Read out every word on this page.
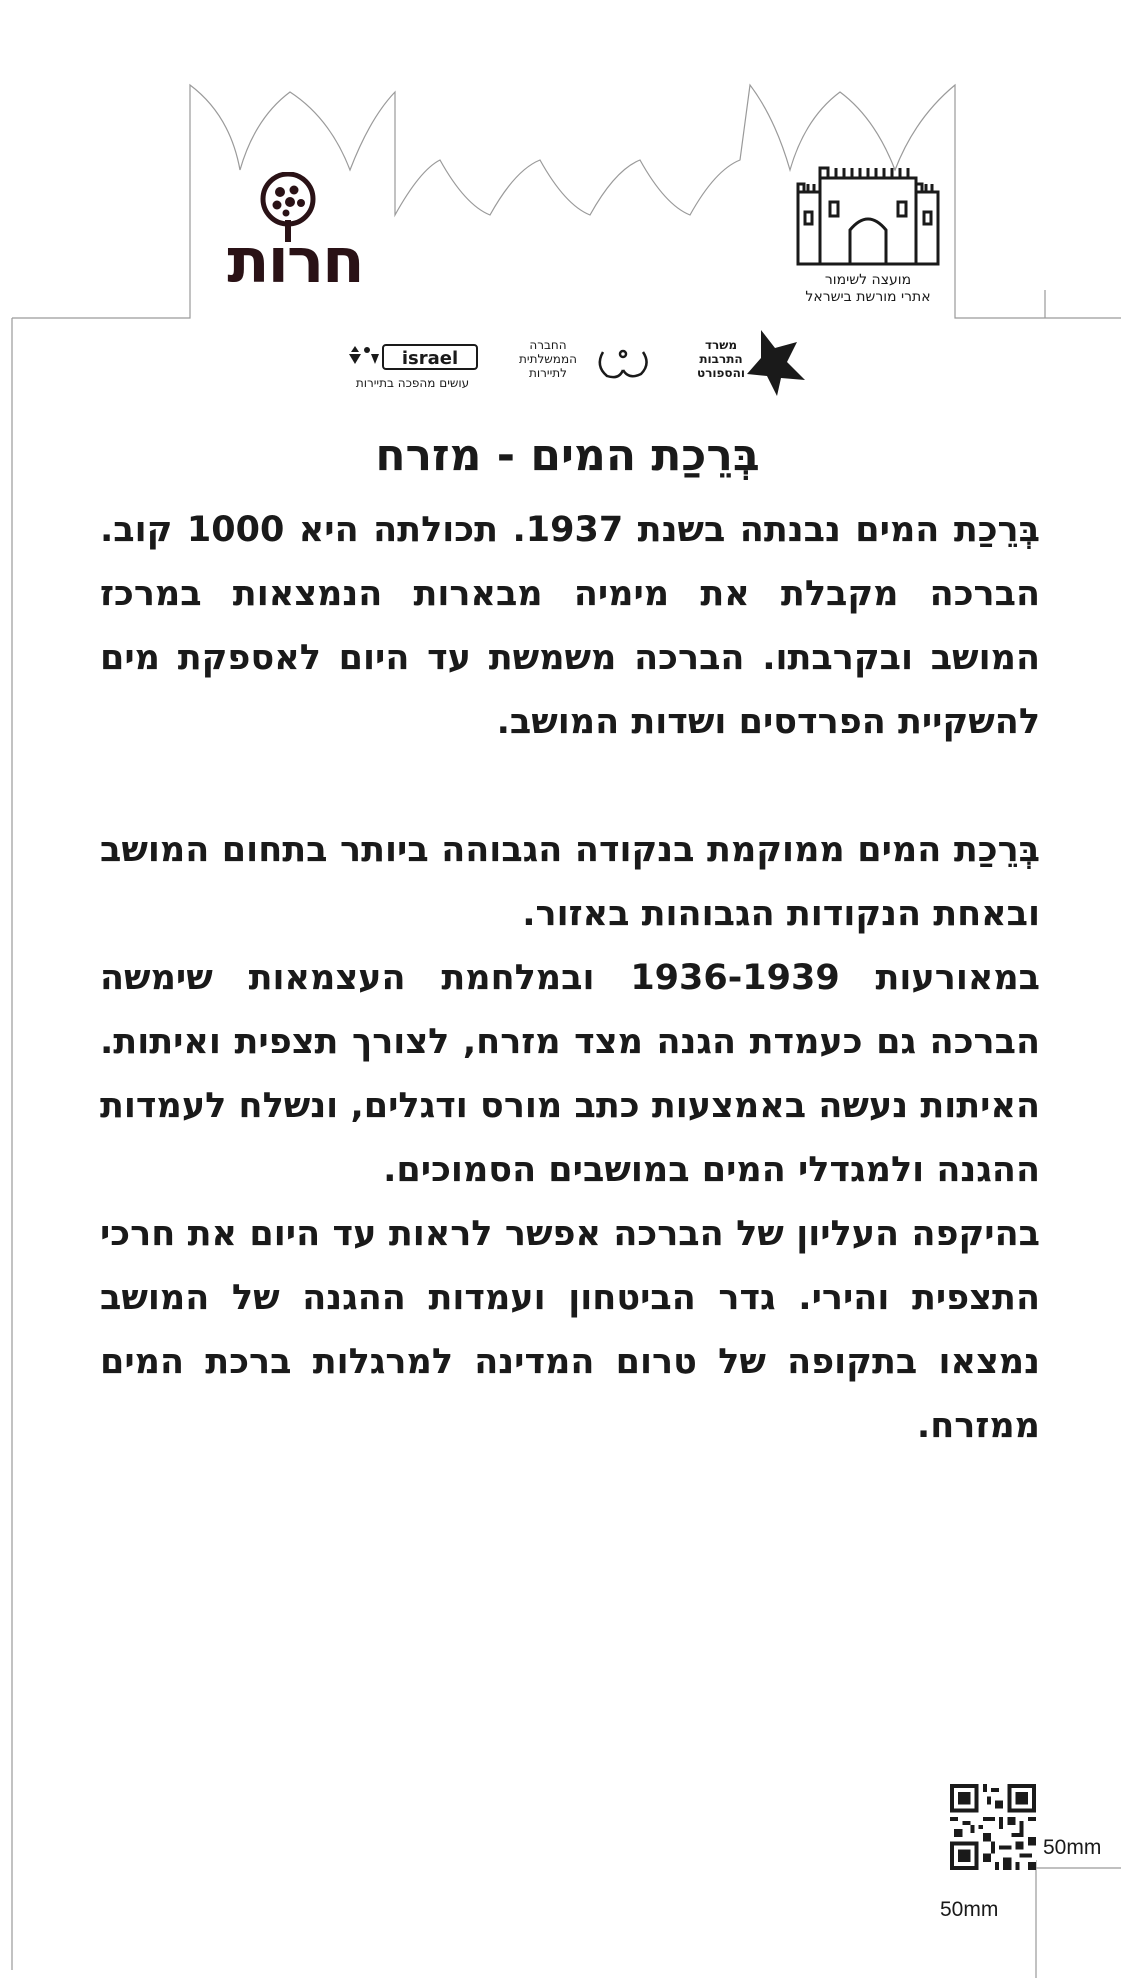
חרות	מועצה לשימור
אתרי מורשת בישראל
israel
עושים מהפכה בתיירות
החברה
הממשלתית
לתיירות
משרד
התרבות
והספורט
בְּרֵכַת המים - מזרח

בְּרֵכַת המים נבנתה בשנת 1937. תכולתה היא 1000 קוב. הברכה מקבלת את מימיה מבארות הנמצאות במרכז המושב ובקרבתו. הברכה משמשת עד היום לאספקת מים להשקיית הפרדסים ושדות המושב.

בְּרֵכַת המים ממוקמת בנקודה הגבוהה ביותר בתחום המושב ובאחת הנקודות הגבוהות באזור.

במאורעות 1936-1939 ובמלחמת העצמאות שימשה הברכה גם כעמדת הגנה מצד מזרח, לצורך תצפית ואיתות. האיתות נעשה באמצעות כתב מורס ודגלים, ונשלח לעמדות ההגנה ולמגדלי המים במושבים הסמוכים.

בהיקפה העליון של הברכה אפשר לראות עד היום את חרכי התצפית והירי. גדר הביטחון ועמדות ההגנה של המושב נמצאו בתקופה של טרום המדינה למרגלות ברכת המים ממזרח.

50mm
50mm
